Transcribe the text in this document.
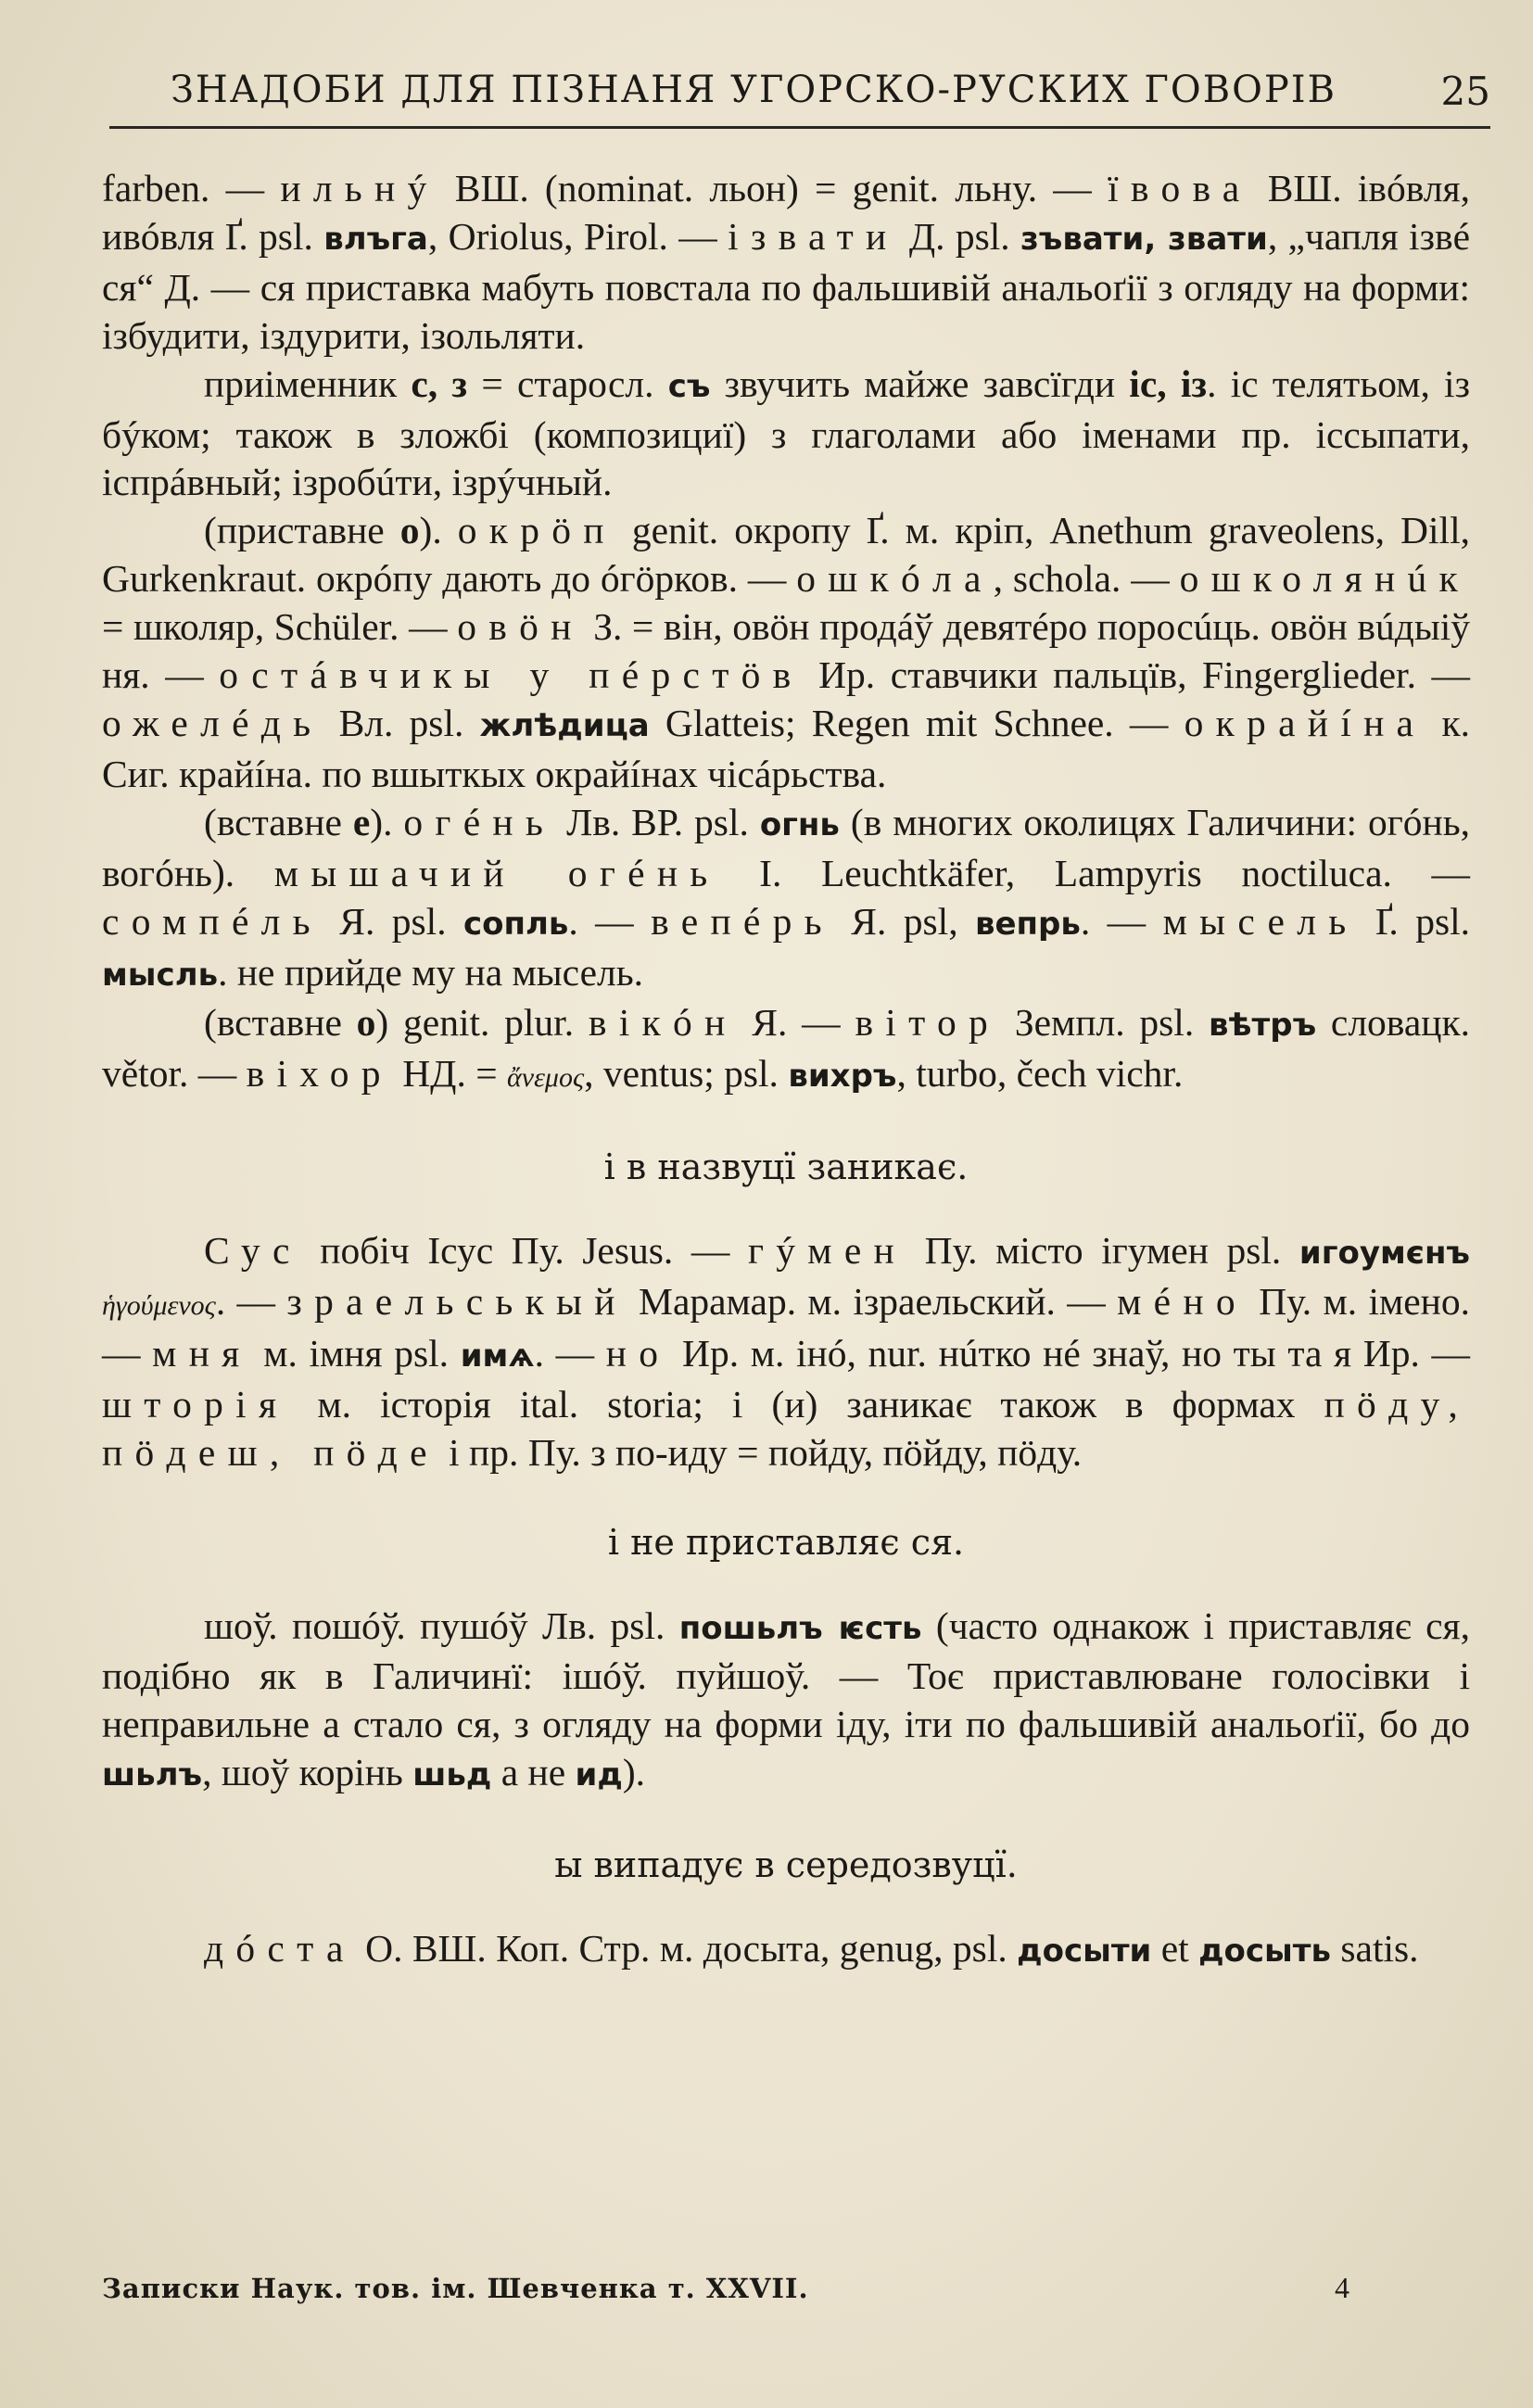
ЗНАДОБИ ДЛЯ ПІЗНАНЯ УГОРСКО-РУСКИХ ГОВОРІВ	25

farben. — ильнý ВШ. (nominat. льон) = genit. льну. — ївова ВШ. івóвля, ивóвля Ґ. psl. влъга, Oriolus, Pirol. — ізвати Д. psl. зъвати, звати, „чапля ізвé ся“ Д. — ся приставка мабуть повстала по фальшивій анальоґії з огляду на форми: ізбудити, іздурити, ізольляти.

приіменник с, з = старосл. съ звучить майже завсїгди іс, із. іс телятьом, із бýком; також в зложбі (композициї) з глаголами або іменами пр. іссыпати, іспрáвный; ізробúти, ізрýчный.

(приставне о). окрöп genit. окропу Ґ. м. кріп, Anethum graveolens, Dill, Gurkenkraut. окрóпу дають до óгöрков. — ошкóла, schola. — ошколянúк = школяр, Schüler. — овöн З. = він, овöн продáў девятéро поросúць. овöн вúдыіў ня. — остáвчикы у пéрстöв Ир. ставчики пальцїв, Fingerglieder. — ожелéдь Вл. psl. жлѣдица Glatteis; Regen mit Schnee. — окрайíна к. Сиг. крайíна. по вшыткых окрайíнах чісáрьства.

(вставне е). огéнь Лв. ВР. psl. огнь (в многих околицях Галичини: огóнь, вогóнь). мышачий огéнь І. Leuchtkäfer, Lampyris noctiluca. — сомпéль Я. psl. сопль. — вепéрь Я. psl, вепрь. — мысель Ґ. psl. мысль. не прийде му на мысель.

(вставне о) genit. plur. вікóн Я. — вітор Земпл. psl. вѣтръ словацк. větor. — віхор НД. = ἄνεμος, ventus; psl. вихръ, turbo, čech vichr.

і в назвуцї заникає.

Сус побіч Ісус Пу. Jesus. — гýмен Пу. місто ігумен psl. игоумєнъ ἡγούμενος. — зраельськый Марамар. м. ізраельский. — мéно Пу. м. імено. — мня м. імня psl. имѧ. — но Ир. м. інó, nur. нúтко нé знаў, но ты та я Ир. — шторія м. історія ital. storia; і (и) заникає також в формах пöду, пöдеш, пöде і пр. Пу. з по-иду = пойду, пöйду, пöду.

і не приставляє ся.

шоў. пошóў. пушóў Лв. psl. пошьлъ ѥсть (часто однакож і приставляє ся, подібно як в Галичинї: ішóў. пуйшоў. — Тоє приставлюване голосівки і неправильне а стало ся, з огляду на форми іду, іти по фальшивій анальоґії, бо до шьлъ, шоў корінь шьд а не ид).

ы випадує в середозвуцї.

дóста О. ВШ. Коп. Стр. м. досыта, genug, psl. досыти et досыть satis.

Записки Наук. тов. ім. Шевченка т. XXVII.	4
